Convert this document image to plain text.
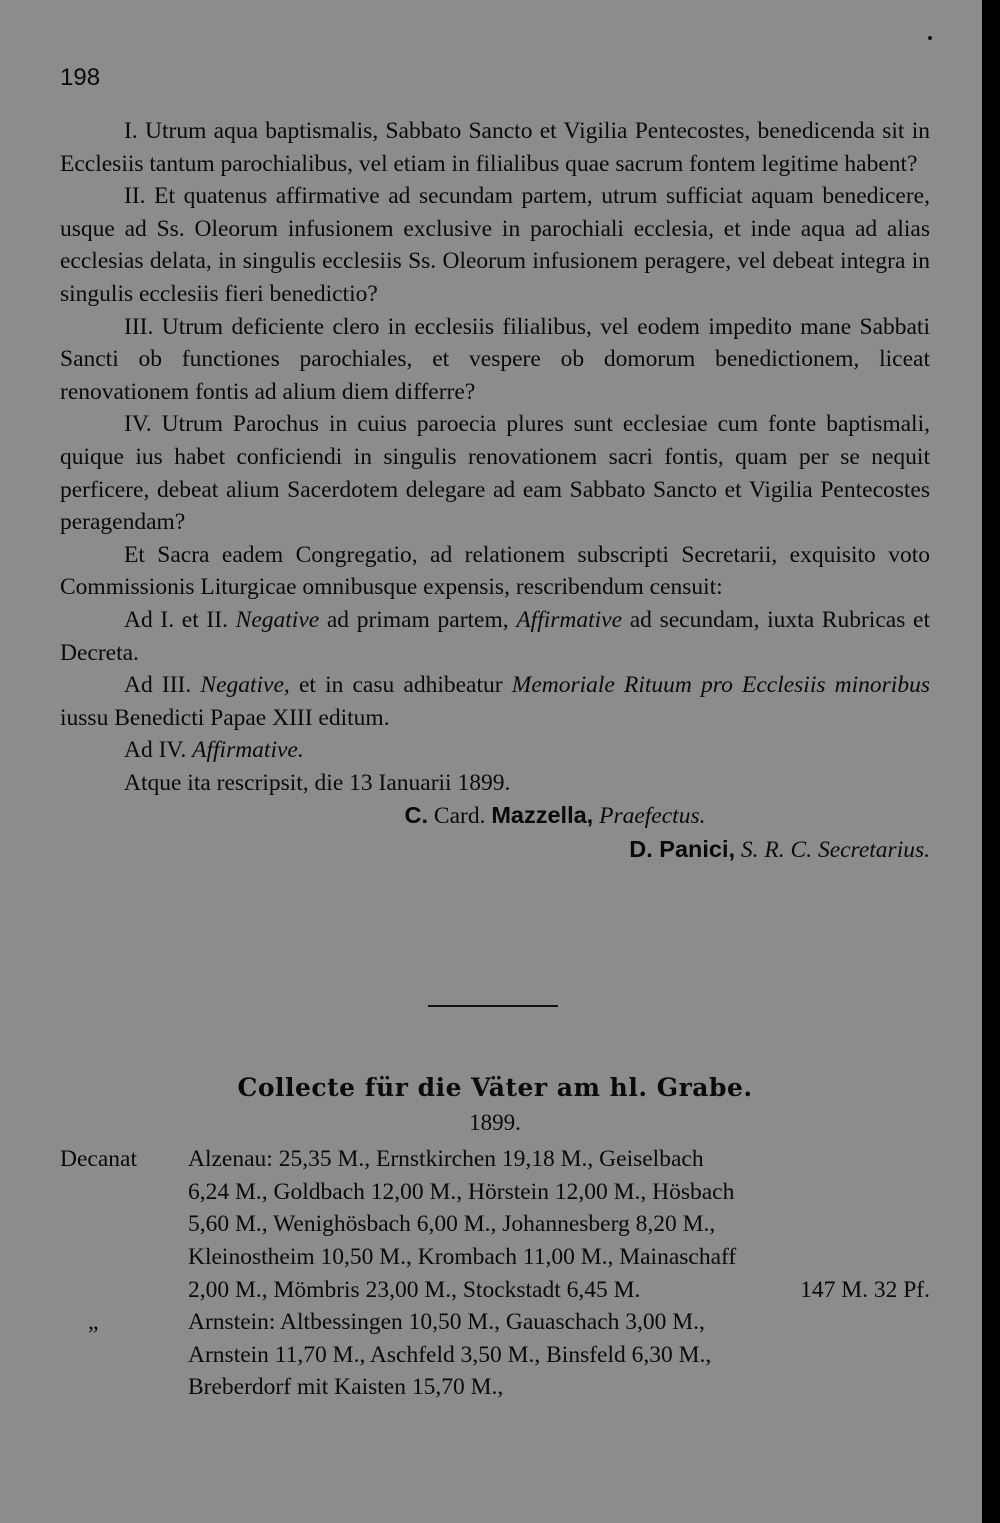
198

I. Utrum aqua baptismalis, Sabbato Sancto et Vigilia Pentecostes, benedicenda sit in Ecclesiis tantum parochialibus, vel etiam in filialibus quae sacrum fontem legitime habent?

II. Et quatenus affirmative ad secundam partem, utrum sufficiat aquam benedicere, usque ad Ss. Oleorum infusionem exclusive in parochiali ecclesia, et inde aqua ad alias ecclesias delata, in singulis ecclesiis Ss. Oleorum infusionem peragere, vel debeat integra in singulis ecclesiis fieri benedictio?

III. Utrum deficiente clero in ecclesiis filialibus, vel eodem impedito mane Sabbati Sancti ob functiones parochiales, et vespere ob domorum benedictionem, liceat renovationem fontis ad alium diem differre?

IV. Utrum Parochus in cuius paroecia plures sunt ecclesiae cum fonte baptismali, quique ius habet conficiendi in singulis renovationem sacri fontis, quam per se nequit perficere, debeat alium Sacerdotem delegare ad eam Sabbato Sancto et Vigilia Pentecostes peragendam?

Et Sacra eadem Congregatio, ad relationem subscripti Secretarii, exquisito voto Commissionis Liturgicae omnibusque expensis, rescribendum censuit:

Ad I. et II. Negative ad primam partem, Affirmative ad secundam, iuxta Rubricas et Decreta.

Ad III. Negative, et in casu adhibeatur Memoriale Rituum pro Ecclesiis minoribus iussu Benedicti Papae XIII editum.

Ad IV. Affirmative.

Atque ita rescripsit, die 13 Ianuarii 1899.

C. Card. Mazzella, Praefectus.

D. Panici, S. R. C. Secretarius.

Collecte für die Väter am hl. Grabe.
1899.
Decanat Alzenau: 25,35 M., Ernstkirchen 19,18 M., Geiselbach 6,24 M., Goldbach 12,00 M., Hörstein 12,00 M., Hösbach 5,60 M., Wenighösbach 6,00 M., Johannesberg 8,20 M., Kleinostheim 10,50 M., Krombach 11,00 M., Mainaschaff 2,00 M., Mömbris 23,00 M., Stockstadt 6,45 M.	147 M. 32 Pf.
„	Arnstein: Altbessingen 10,50 M., Gauaschach 3,00 M., Arnstein 11,70 M., Aschfeld 3,50 M., Binsfeld 6,30 M., Breberdorf mit Kaisten 15,70 M.,
